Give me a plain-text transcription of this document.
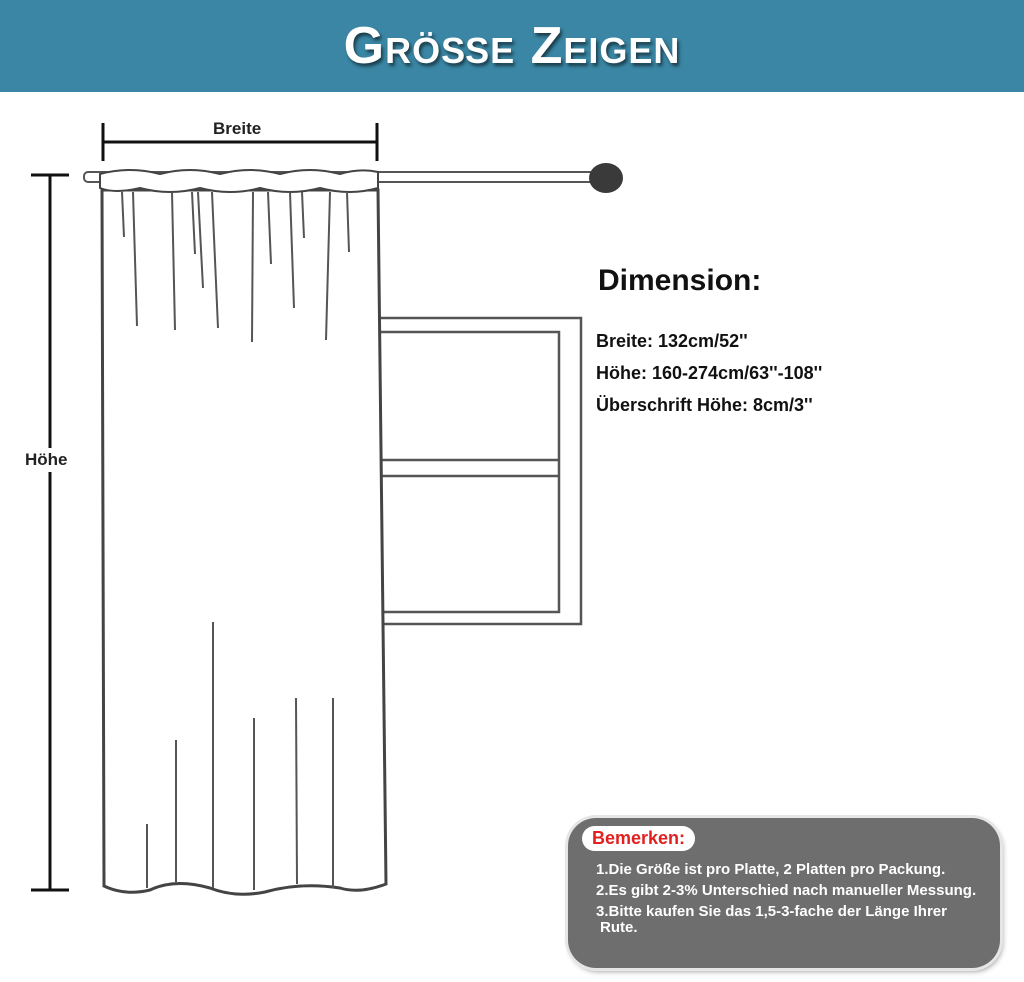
Größe Zeigen
Breite
Höhe
Dimension:
Breite: 132cm/52''
Höhe: 160-274cm/63''-108''
Überschrift Höhe: 8cm/3''
Bemerken:
1.Die Größe ist pro Platte, 2 Platten pro Packung.
2.Es gibt 2-3% Unterschied nach manueller Messung.
3.Bitte kaufen Sie das 1,5-3-fache der Länge Ihrer Rute.
